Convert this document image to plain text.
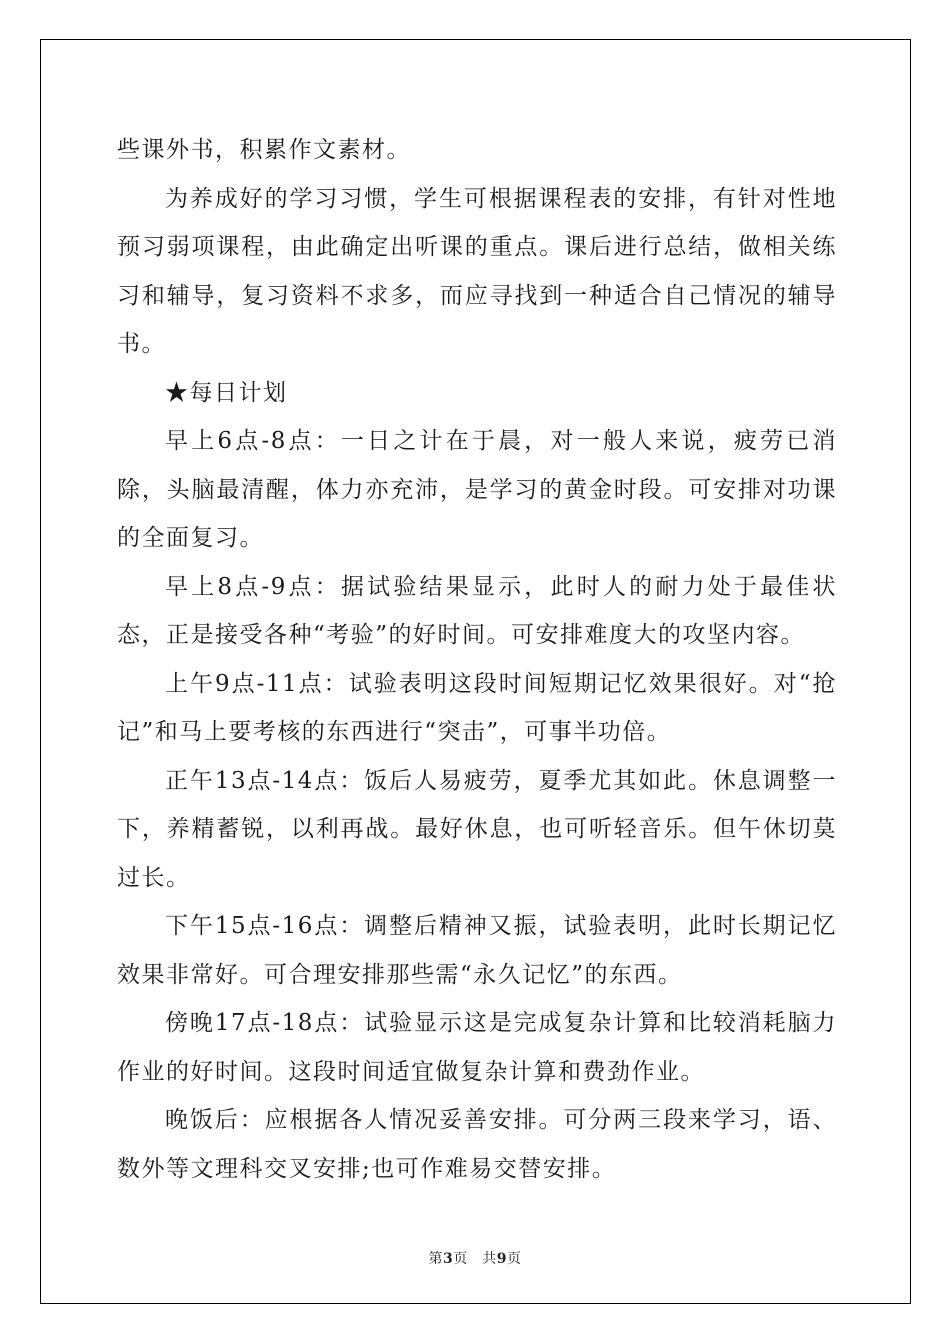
些课外书，积累作文素材。

为养成好的学习习惯，学生可根据课程表的安排，有针对性地预习弱项课程，由此确定出听课的重点。课后进行总结，做相关练习和辅导，复习资料不求多，而应寻找到一种适合自己情况的辅导书。

★每日计划

早上6点-8点：一日之计在于晨，对一般人来说，疲劳已消除，头脑最清醒，体力亦充沛，是学习的黄金时段。可安排对功课的全面复习。

早上8点-9点：据试验结果显示，此时人的耐力处于最佳状态，正是接受各种“考验”的好时间。可安排难度大的攻坚内容。

上午9点-11点：试验表明这段时间短期记忆效果很好。对“抢记”和马上要考核的东西进行“突击”，可事半功倍。

正午13点-14点：饭后人易疲劳，夏季尤其如此。休息调整一下，养精蓄锐，以利再战。最好休息，也可听轻音乐。但午休切莫过长。

下午15点-16点：调整后精神又振，试验表明，此时长期记忆效果非常好。可合理安排那些需“永久记忆”的东西。

傍晚17点-18点：试验显示这是完成复杂计算和比较消耗脑力作业的好时间。这段时间适宜做复杂计算和费劲作业。

晚饭后：应根据各人情况妥善安排。可分两三段来学习，语、数外等文理科交叉安排;也可作难易交替安排。

第3页　共9页
